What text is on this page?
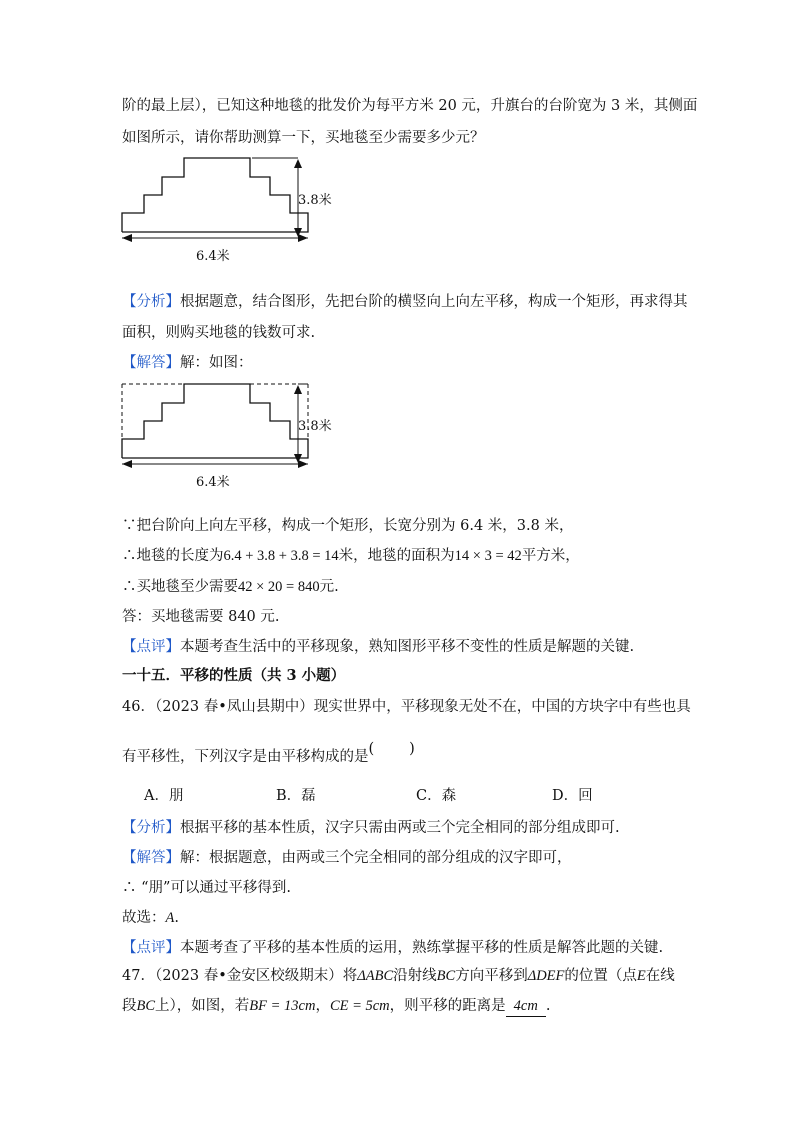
阶的最上层），已知这种地毯的批发价为每平方米 20 元，升旗台的台阶宽为 3 米，其侧面
如图所示，请你帮助测算一下，买地毯至少需要多少元？
3.8米
6.4米
【分析】根据题意，结合图形，先把台阶的横竖向上向左平移，构成一个矩形，再求得其
面积，则购买地毯的钱数可求.
【解答】解：如图：
3.8米
6.4米
∵把台阶向上向左平移，构成一个矩形，长宽分别为 6.4 米，3.8 米，
∴地毯的长度为6.4 + 3.8 + 3.8 = 14米，地毯的面积为14 × 3 = 42平方米，
∴买地毯至少需要42 × 20 = 840元.
答：买地毯需要 840 元.
【点评】本题考查生活中的平移现象，熟知图形平移不变性的性质是解题的关键.
一十五．平移的性质（共 3 小题）
46．（2023 春•凤山县期中）现实世界中，平移现象无处不在，中国的方块字中有些也具
有平移性，下列汉字是由平移构成的是(　　)
A．朋	B．磊	C．森	D．回
【分析】根据平移的基本性质，汉字只需由两或三个完全相同的部分组成即可.
【解答】解：根据题意，由两或三个完全相同的部分组成的汉字即可，
∴ “朋”可以通过平移得到.
故选：A.
【点评】本题考查了平移的基本性质的运用，熟练掌握平移的性质是解答此题的关键.
47．（2023 春•金安区校级期末）将ΔABC沿射线BC方向平移到ΔDEF的位置（点E在线
段BC上），如图，若BF = 13cm，CE = 5cm，则平移的距离是 4cm .
